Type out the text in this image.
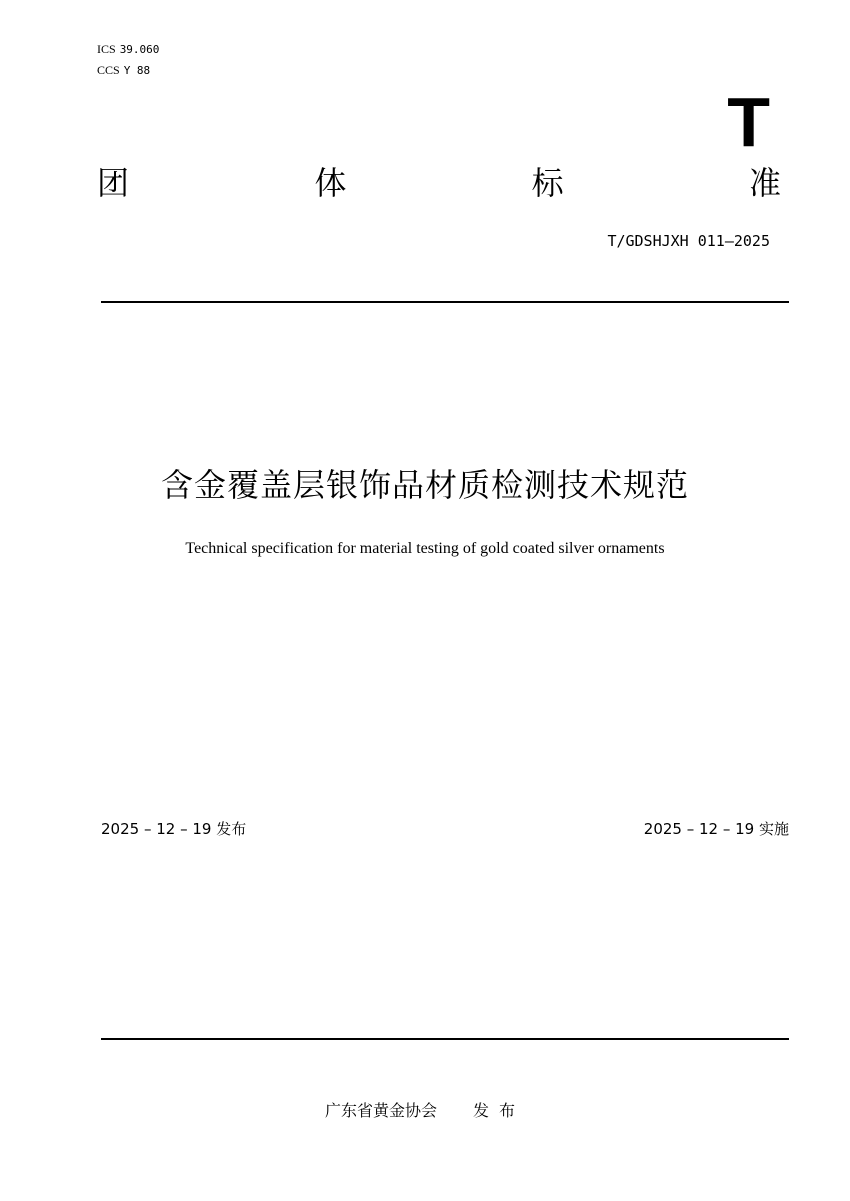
ICS 39.060
CCS Y 88
T
团	体	标	准
T/GDSHJXH 011—2025
含金覆盖层银饰品材质检测技术规范
Technical specification for material testing of gold coated silver ornaments
2025 – 12 – 19 发布	2025 – 12 – 19 实施
广东省黄金协会 发布
